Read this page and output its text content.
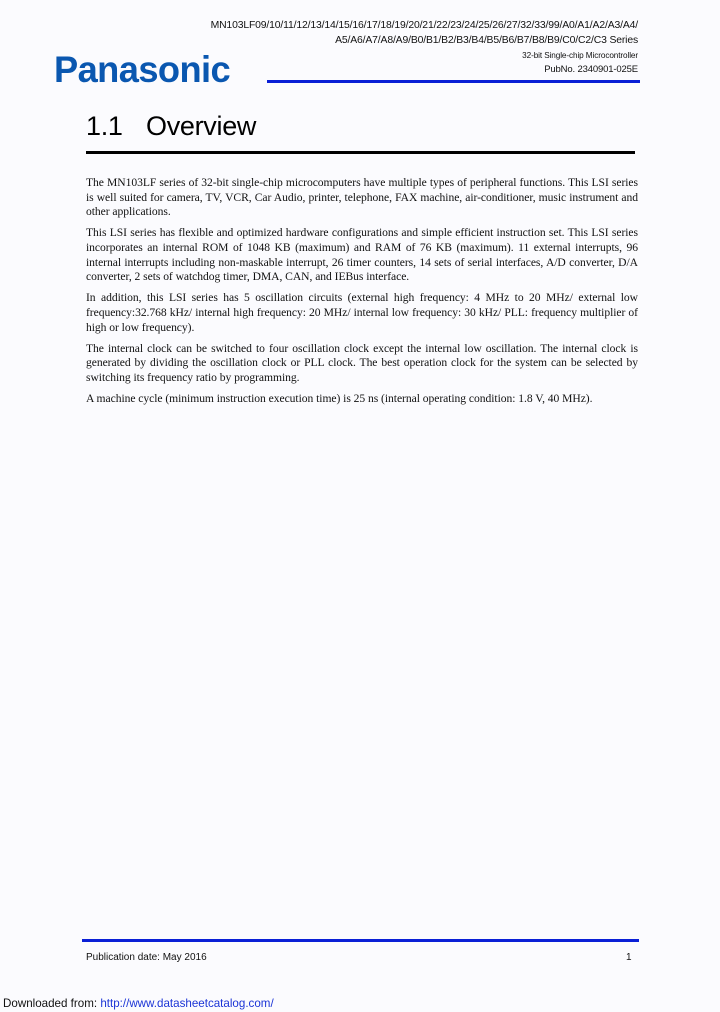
MN103LF09/10/11/12/13/14/15/16/17/18/19/20/21/22/23/24/25/26/27/32/33/99/A0/A1/A2/A3/A4/
A5/A6/A7/A8/A9/B0/B1/B2/B3/B4/B5/B6/B7/B8/B9/C0/C2/C3 Series
32-bit Single-chip Microcontroller
PubNo. 2340901-025E
Panasonic
1.1 Overview

The MN103LF series of 32-bit single-chip microcomputers have multiple types of peripheral functions. This LSI series is well suited for camera, TV, VCR, Car Audio, printer, telephone, FAX machine, air-conditioner, music instrument and other applications.

This LSI series has flexible and optimized hardware configurations and simple efficient instruction set. This LSI series incorporates an internal ROM of 1048 KB (maximum) and RAM of 76 KB (maximum). 11 external interrupts, 96 internal interrupts including non-maskable interrupt, 26 timer counters, 14 sets of serial interfaces, A/D converter, D/A converter, 2 sets of watchdog timer, DMA, CAN, and IEBus interface.

In addition, this LSI series has 5 oscillation circuits (external high frequency: 4 MHz to 20 MHz/ external low frequency:32.768 kHz/ internal high frequency: 20 MHz/ internal low frequency: 30 kHz/ PLL: frequency multiplier of high or low frequency).

The internal clock can be switched to four oscillation clock except the internal low oscillation. The internal clock is generated by dividing the oscillation clock or PLL clock. The best operation clock for the system can be selected by switching its frequency ratio by programming.

A machine cycle (minimum instruction execution time) is 25 ns (internal operating condition: 1.8 V, 40 MHz).

Publication date: May 2016	1
Downloaded from: http://www.datasheetcatalog.com/
